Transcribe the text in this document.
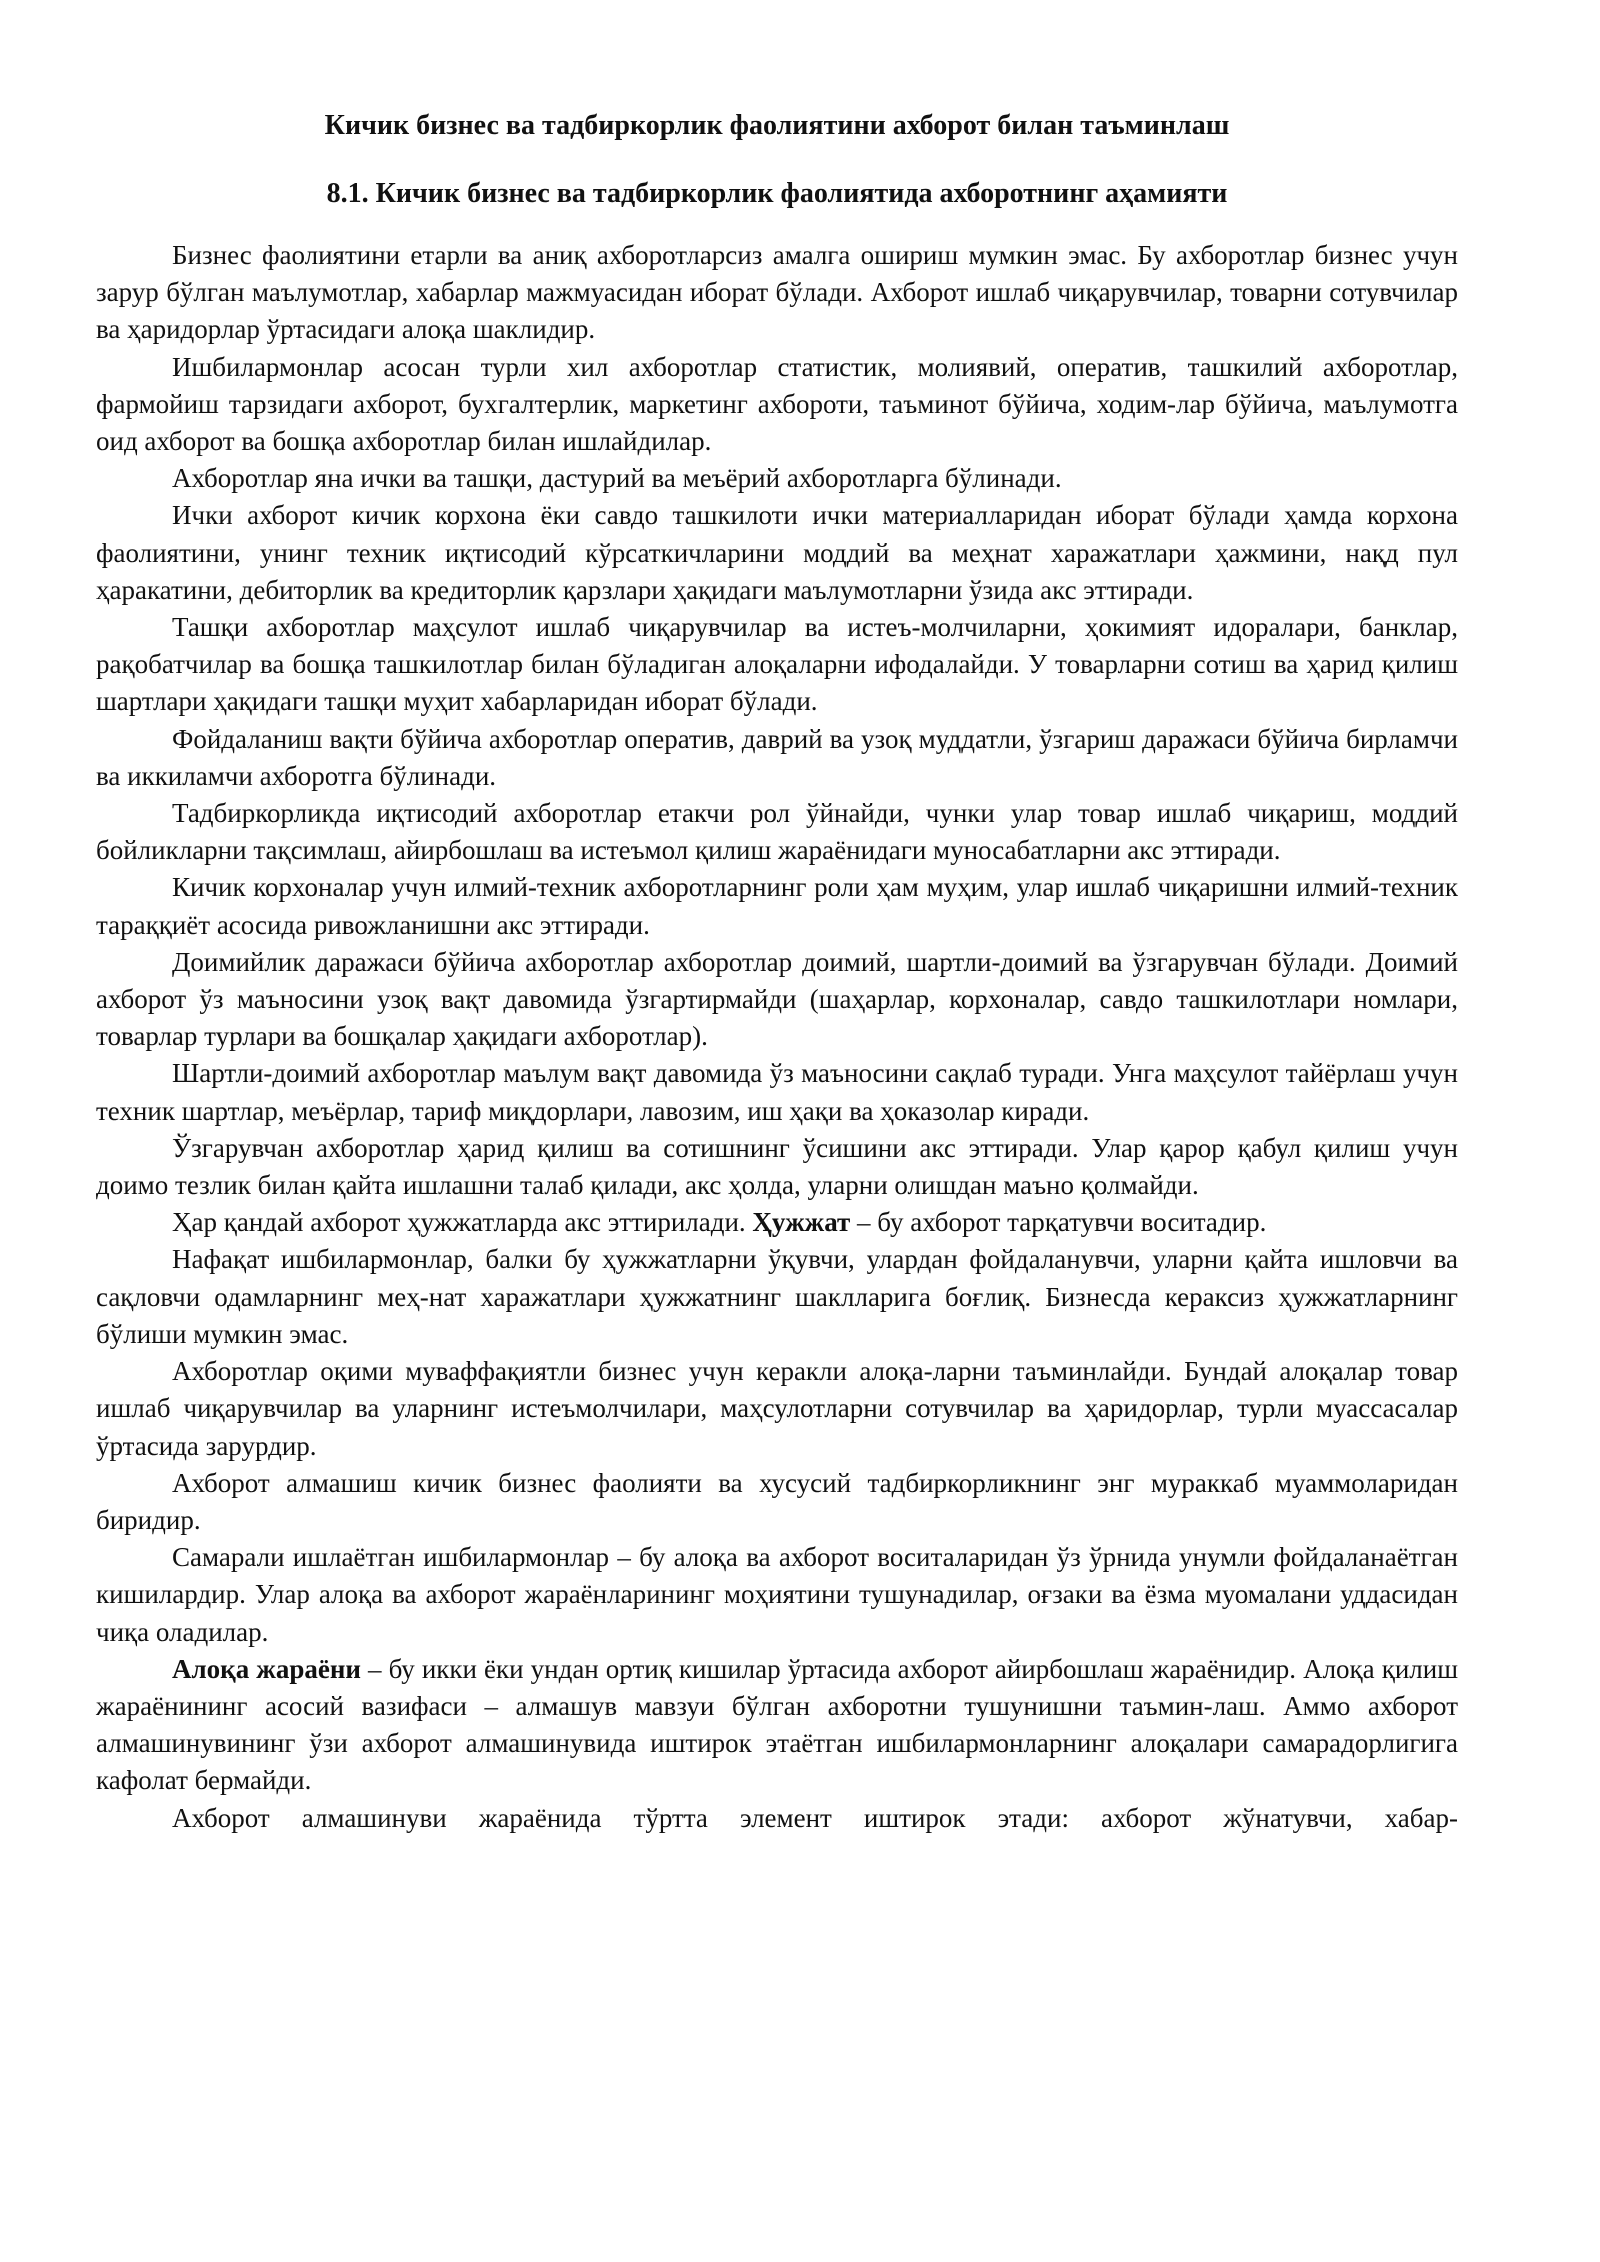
Кичик бизнес ва тадбиркорлик фаолиятини ахборот билан таъминлаш
8.1. Кичик бизнес ва тадбиркорлик фаолиятида ахборотнинг аҳамияти

Бизнес фаолиятини етарли ва аниқ ахборотларсиз амалга ошириш мумкин эмас. Бу ахборотлар бизнес учун зарур бўлган маълумотлар, хабарлар мажмуасидан иборат бўлади. Ахборот ишлаб чиқарувчилар, товарни сотувчилар ва ҳаридорлар ўртасидаги алоқа шаклидир.

Ишбилармонлар асосан турли хил ахборотлар статистик, молиявий, оператив, ташкилий ахборотлар, фармойиш тарзидаги ахборот, бухгалтерлик, маркетинг ахбороти, таъминот бўйича, ходим-лар бўйича, маълумотга оид ахборот ва бошқа ахборотлар билан ишлайдилар.

Ахборотлар яна ички ва ташқи, дастурий ва меъёрий ахборотларга бўлинади.

Ички ахборот кичик корхона ёки савдо ташкилоти ички материалларидан иборат бўлади ҳамда корхона фаолиятини, унинг техник иқтисодий кўрсаткичларини моддий ва меҳнат харажатлари ҳажмини, нақд пул ҳаракатини, дебиторлик ва кредиторлик қарзлари ҳақидаги маълумотларни ўзида акс эттиради.

Ташқи ахборотлар маҳсулот ишлаб чиқарувчилар ва истеъ-молчиларни, ҳокимият идоралари, банклар, рақобатчилар ва бошқа ташкилотлар билан бўладиган алоқаларни ифодалайди. У товарларни сотиш ва ҳарид қилиш шартлари ҳақидаги ташқи муҳит хабарларидан иборат бўлади.

Фойдаланиш вақти бўйича ахборотлар оператив, даврий ва узоқ муддатли, ўзгариш даражаси бўйича бирламчи ва иккиламчи ахборотга бўлинади.

Тадбиркорликда иқтисодий ахборотлар етакчи рол ўйнайди, чунки улар товар ишлаб чиқариш, моддий бойликларни тақсимлаш, айирбошлаш ва истеъмол қилиш жараёнидаги муносабатларни акс эттиради.

Кичик корхоналар учун илмий-техник ахборотларнинг роли ҳам муҳим, улар ишлаб чиқаришни илмий-техник тараққиёт асосида ривожланишни акс эттиради.

Доимийлик даражаси бўйича ахборотлар ахборотлар доимий, шартли-доимий ва ўзгарувчан бўлади. Доимий ахборот ўз маъносини узоқ вақт давомида ўзгартирмайди (шаҳарлар, корхоналар, савдо ташкилотлари номлари, товарлар турлари ва бошқалар ҳақидаги ахборотлар).

Шартли-доимий ахборотлар маълум вақт давомида ўз маъносини сақлаб туради. Унга маҳсулот тайёрлаш учун техник шартлар, меъёрлар, тариф миқдорлари, лавозим, иш ҳақи ва ҳоказолар киради.

Ўзгарувчан ахборотлар ҳарид қилиш ва сотишнинг ўсишини акс эттиради. Улар қарор қабул қилиш учун доимо тезлик билан қайта ишлашни талаб қилади, акс ҳолда, уларни олишдан маъно қолмайди.

Ҳар қандай ахборот ҳужжатларда акс эттирилади. Ҳужжат – бу ахборот тарқатувчи воситадир.

Нафақат ишбилармонлар, балки бу ҳужжатларни ўқувчи, улардан фойдаланувчи, уларни қайта ишловчи ва сақловчи одамларнинг меҳ-нат харажатлари ҳужжатнинг шаклларига боғлиқ. Бизнесда кераксиз ҳужжатларнинг бўлиши мумкин эмас.

Ахборотлар оқими муваффақиятли бизнес учун керакли алоқа-ларни таъминлайди. Бундай алоқалар товар ишлаб чиқарувчилар ва уларнинг истеъмолчилари, маҳсулотларни сотувчилар ва ҳаридорлар, турли муассасалар ўртасида зарурдир.

Ахборот алмашиш кичик бизнес фаолияти ва хусусий тадбиркорликнинг энг мураккаб муаммоларидан биридир.

Самарали ишлаётган ишбилармонлар – бу алоқа ва ахборот воситаларидан ўз ўрнида унумли фойдаланаётган кишилардир. Улар алоқа ва ахборот жараёнларининг моҳиятини тушунадилар, оғзаки ва ёзма муомалани уддасидан чиқа оладилар.

Алоқа жараёни – бу икки ёки ундан ортиқ кишилар ўртасида ахборот айирбошлаш жараёнидир. Алоқа қилиш жараёнининг асосий вазифаси – алмашув мавзуи бўлган ахборотни тушунишни таъмин-лаш. Аммо ахборот алмашинувининг ўзи ахборот алмашинувида иштирок этаётган ишбилармонларнинг алоқалари самарадорлигига кафолат бермайди.

Ахборот алмашинуви жараёнида тўртта элемент иштирок этади: ахборот жўнатувчи, хабар-
